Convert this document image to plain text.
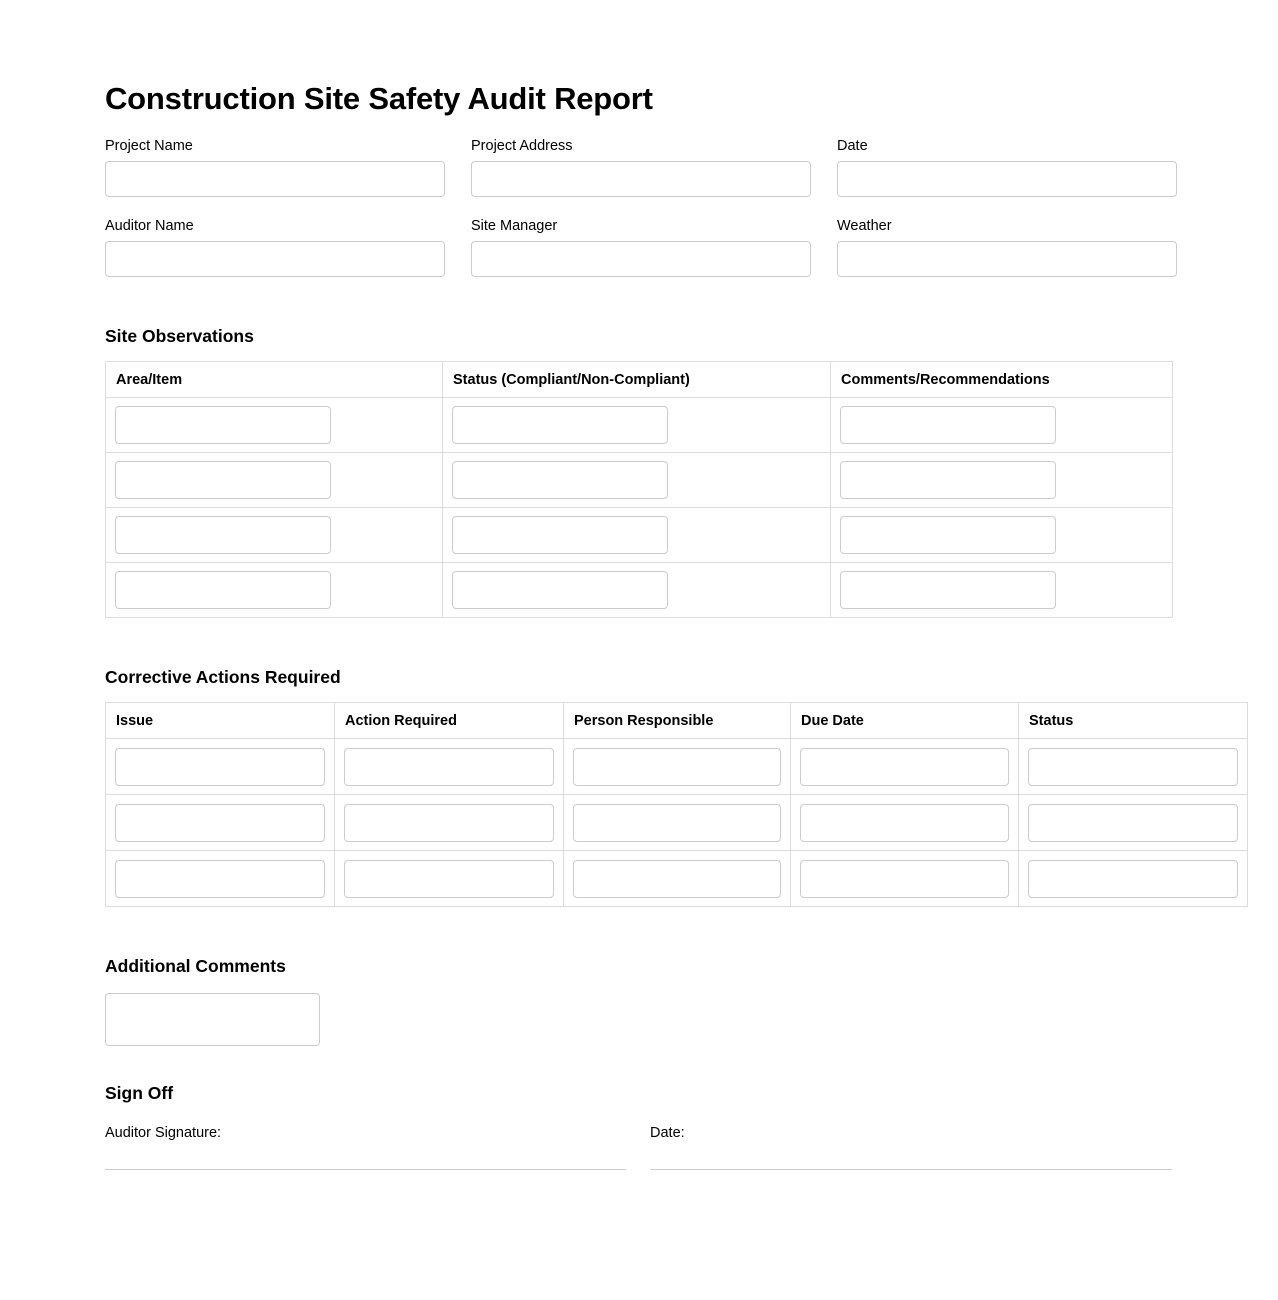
Construction Site Safety Audit Report
Project Name	Project Address	Date
Auditor Name	Site Manager	Weather
Site Observations
Area/Item	Status (Compliant/Non-Compliant)	Comments/Recommendations

Corrective Actions Required
Issue	Action Required	Person Responsible	Due Date	Status

Additional Comments
Sign Off
Auditor Signature:	Date:
